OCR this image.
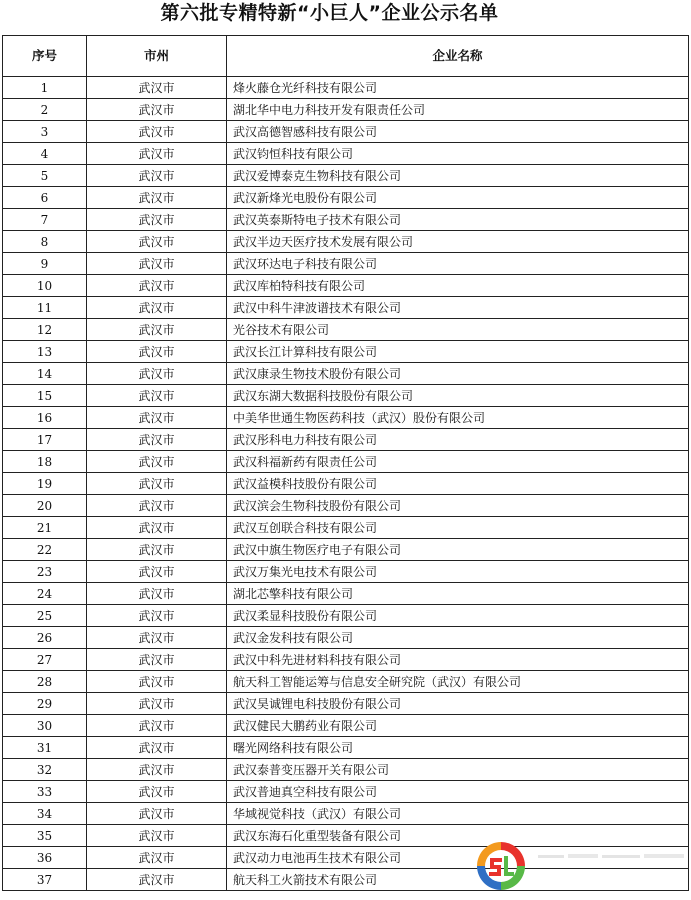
第六批专精特新“小巨人”企业公示名单
序号	市州	企业名称
1	武汉市	烽火藤仓光纤科技有限公司
2	武汉市	湖北华中电力科技开发有限责任公司
3	武汉市	武汉高德智感科技有限公司
4	武汉市	武汉钧恒科技有限公司
5	武汉市	武汉爱博泰克生物科技有限公司
6	武汉市	武汉新烽光电股份有限公司
7	武汉市	武汉英泰斯特电子技术有限公司
8	武汉市	武汉半边天医疗技术发展有限公司
9	武汉市	武汉环达电子科技有限公司
10	武汉市	武汉库柏特科技有限公司
11	武汉市	武汉中科牛津波谱技术有限公司
12	武汉市	光谷技术有限公司
13	武汉市	武汉长江计算科技有限公司
14	武汉市	武汉康录生物技术股份有限公司
15	武汉市	武汉东湖大数据科技股份有限公司
16	武汉市	中美华世通生物医药科技（武汉）股份有限公司
17	武汉市	武汉彤科电力科技有限公司
18	武汉市	武汉科福新药有限责任公司
19	武汉市	武汉益模科技股份有限公司
20	武汉市	武汉滨会生物科技股份有限公司
21	武汉市	武汉互创联合科技有限公司
22	武汉市	武汉中旗生物医疗电子有限公司
23	武汉市	武汉万集光电技术有限公司
24	武汉市	湖北芯擎科技有限公司
25	武汉市	武汉柔显科技股份有限公司
26	武汉市	武汉金发科技有限公司
27	武汉市	武汉中科先进材料科技有限公司
28	武汉市	航天科工智能运筹与信息安全研究院（武汉）有限公司
29	武汉市	武汉昊诚锂电科技股份有限公司
30	武汉市	武汉健民大鹏药业有限公司
31	武汉市	曙光网络科技有限公司
32	武汉市	武汉泰普变压器开关有限公司
33	武汉市	武汉普迪真空科技有限公司
34	武汉市	华域视觉科技（武汉）有限公司
35	武汉市	武汉东海石化重型装备有限公司
36	武汉市	武汉动力电池再生技术有限公司
37	武汉市	航天科工火箭技术有限公司
